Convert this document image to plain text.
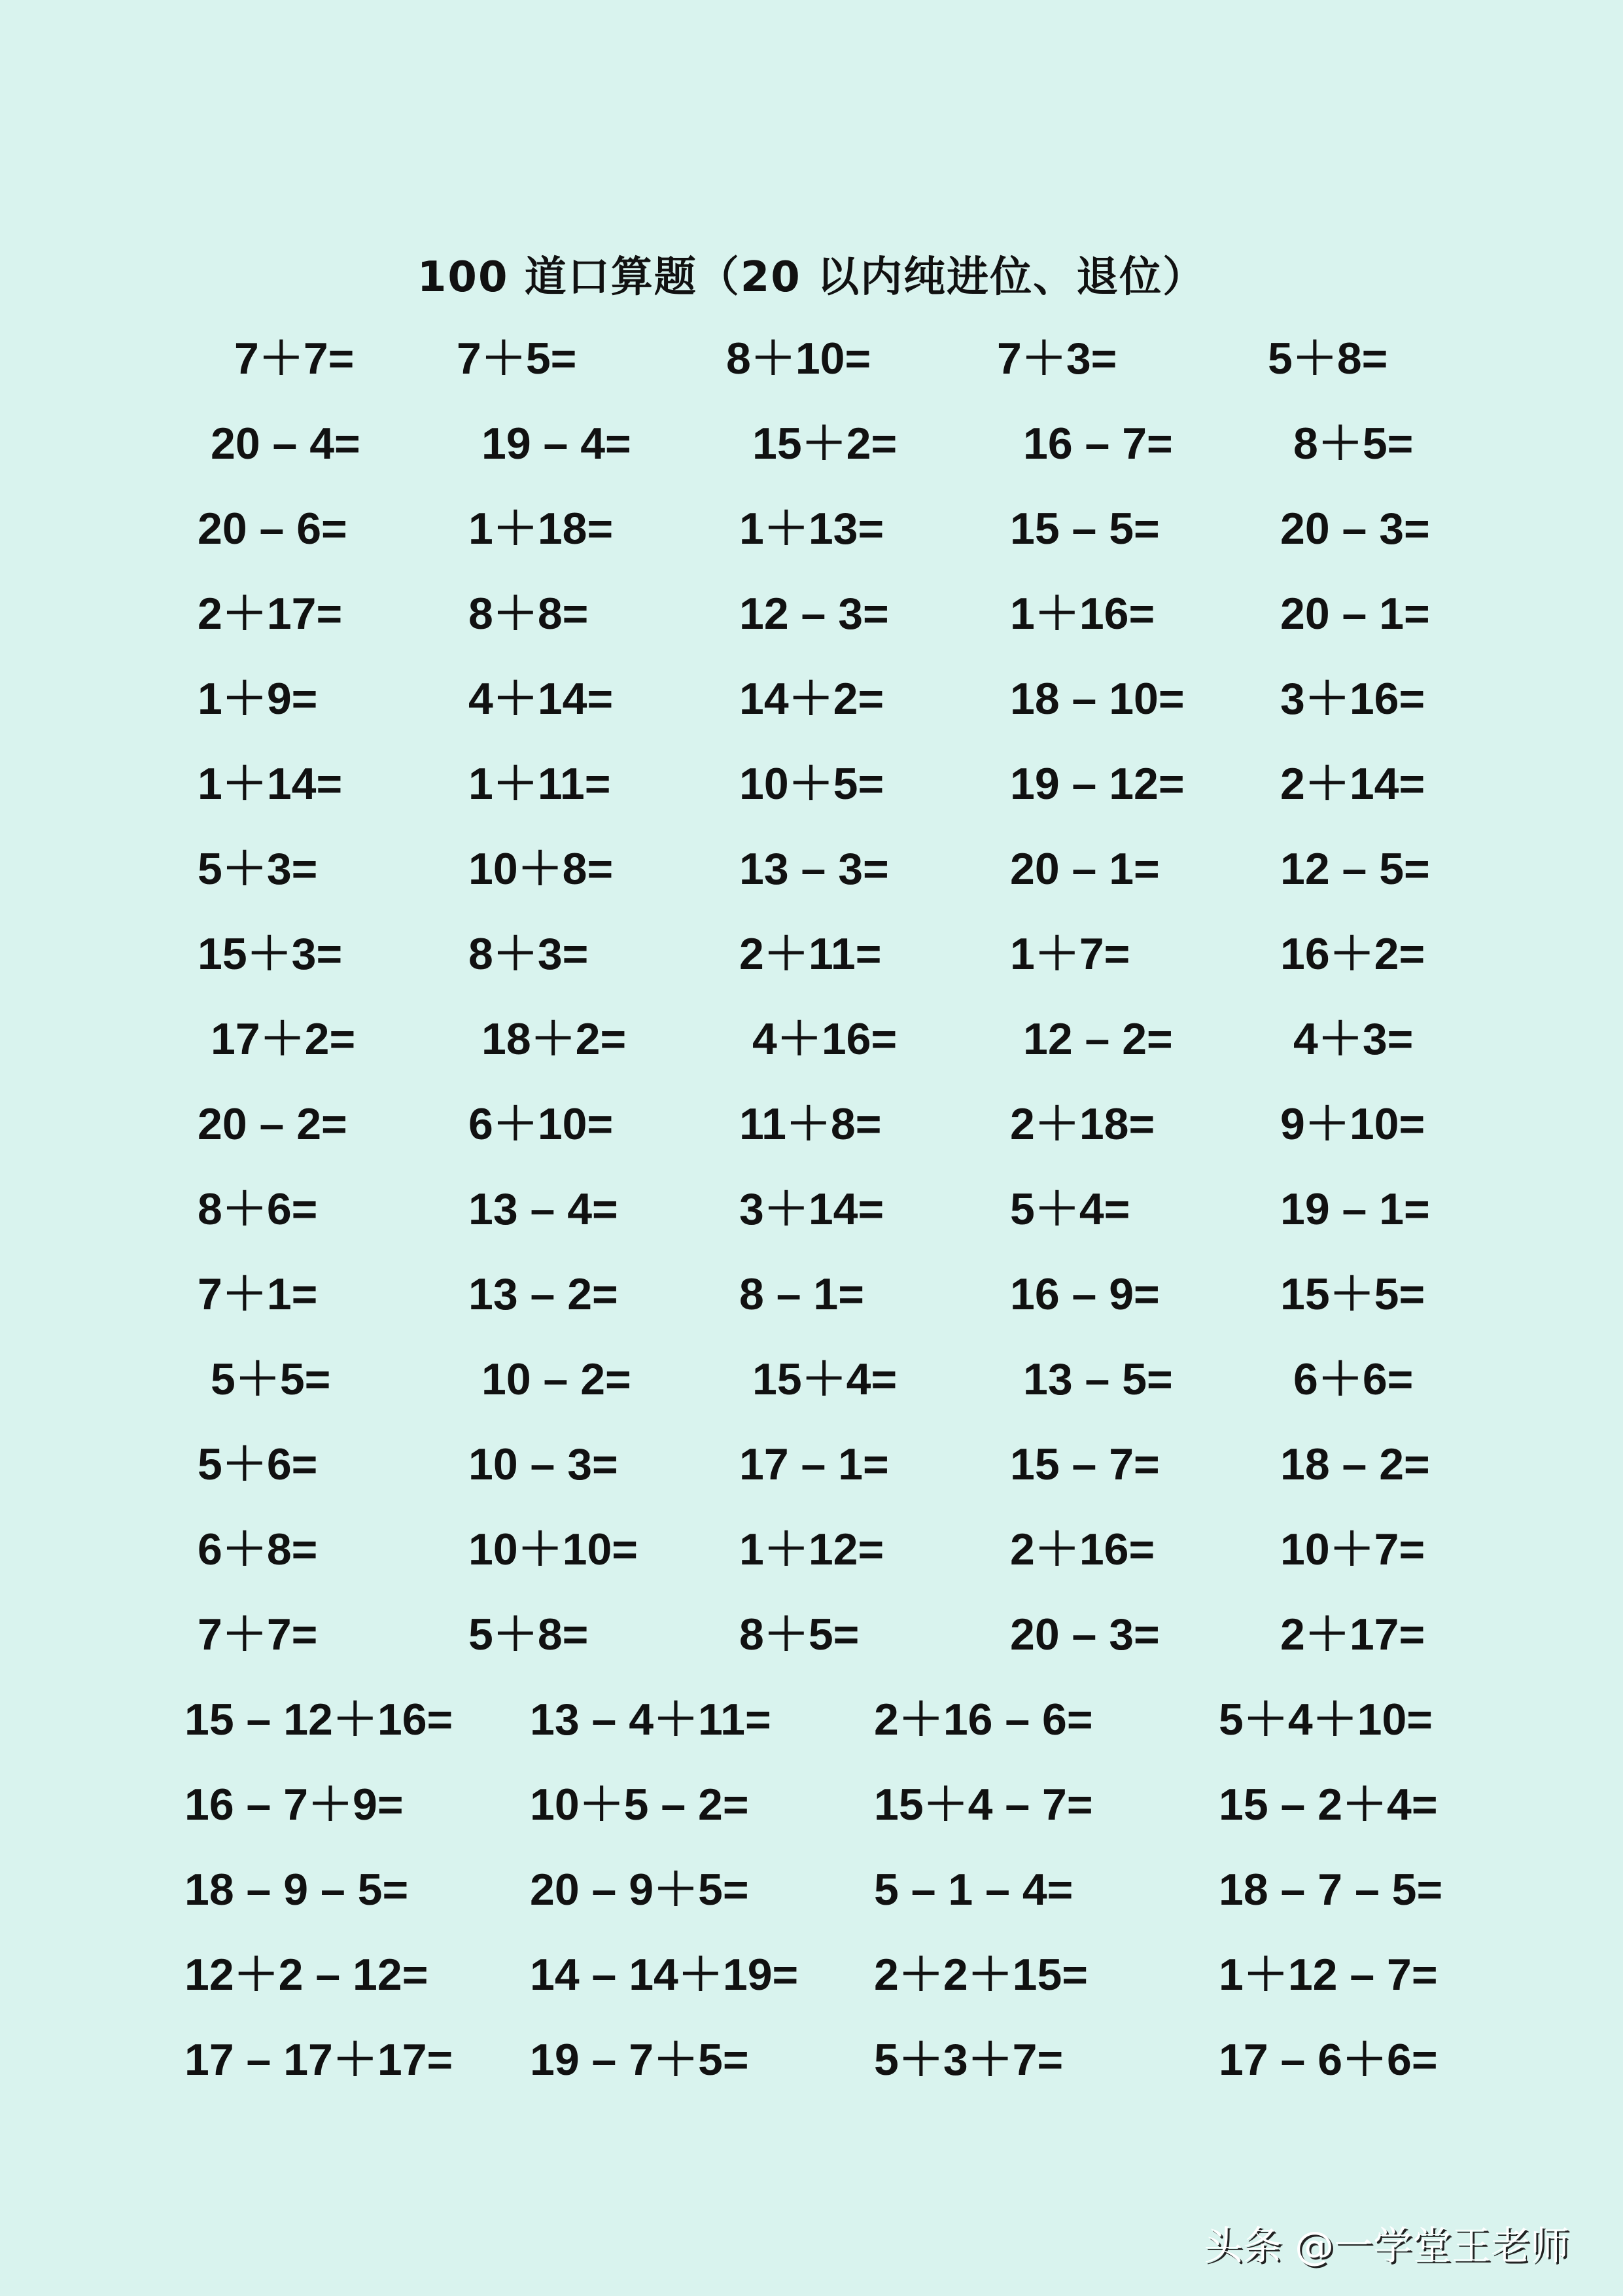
100 道口算题（20 以内纯进位、退位）
7＋7= 7＋5=	8＋10=	7＋3=	5＋8=
20 – 4=	19 – 4=	15＋2=	16 – 7=	8＋5=
20 – 6=	1＋18=	1＋13=	15 – 5=	20 – 3=
2＋17=	8＋8=	12 – 3=	1＋16=	20 – 1=
1＋9=	4＋14=	14＋2=	18 – 10= 3＋16=
1＋14=	1＋11=	10＋5=	19 – 12= 2＋14=
5＋3=	10＋8=	13 – 3=	20 – 1=	12 – 5=
15＋3=	8＋3=	2＋11=	1＋7=	16＋2=
17＋2=	18＋2=	4＋16=	12 – 2=	4＋3=
20 – 2=	6＋10=	11＋8=	2＋18=	9＋10=
8＋6=	13 – 4=	3＋14=	5＋4=	19 – 1=
7＋1=	13 – 2=	8 – 1=	16 – 9=	15＋5=
5＋5=	10 – 2=	15＋4=	13 – 5=	6＋6=
5＋6=	10 – 3=	17 – 1=	15 – 7=	18 – 2=
6＋8=	10＋10= 1＋12=	2＋16=	10＋7=
7＋7=	5＋8=	8＋5=	20 – 3=	2＋17=
15 – 12＋16= 13 – 4＋11= 2＋16 – 6=	5＋4＋10=
16 – 7＋9=	10＋5 – 2=	15＋4 – 7=	15 – 2＋4=
18 – 9 – 5=	20 – 9＋5=	5 – 1 – 4=	18 – 7 – 5=
12＋2 – 12= 14 – 14＋19= 2＋2＋15=	1＋12 – 7=
17 – 17＋17= 19 – 7＋5=	5＋3＋7=	17 – 6＋6=
头条 @一学堂王老师
